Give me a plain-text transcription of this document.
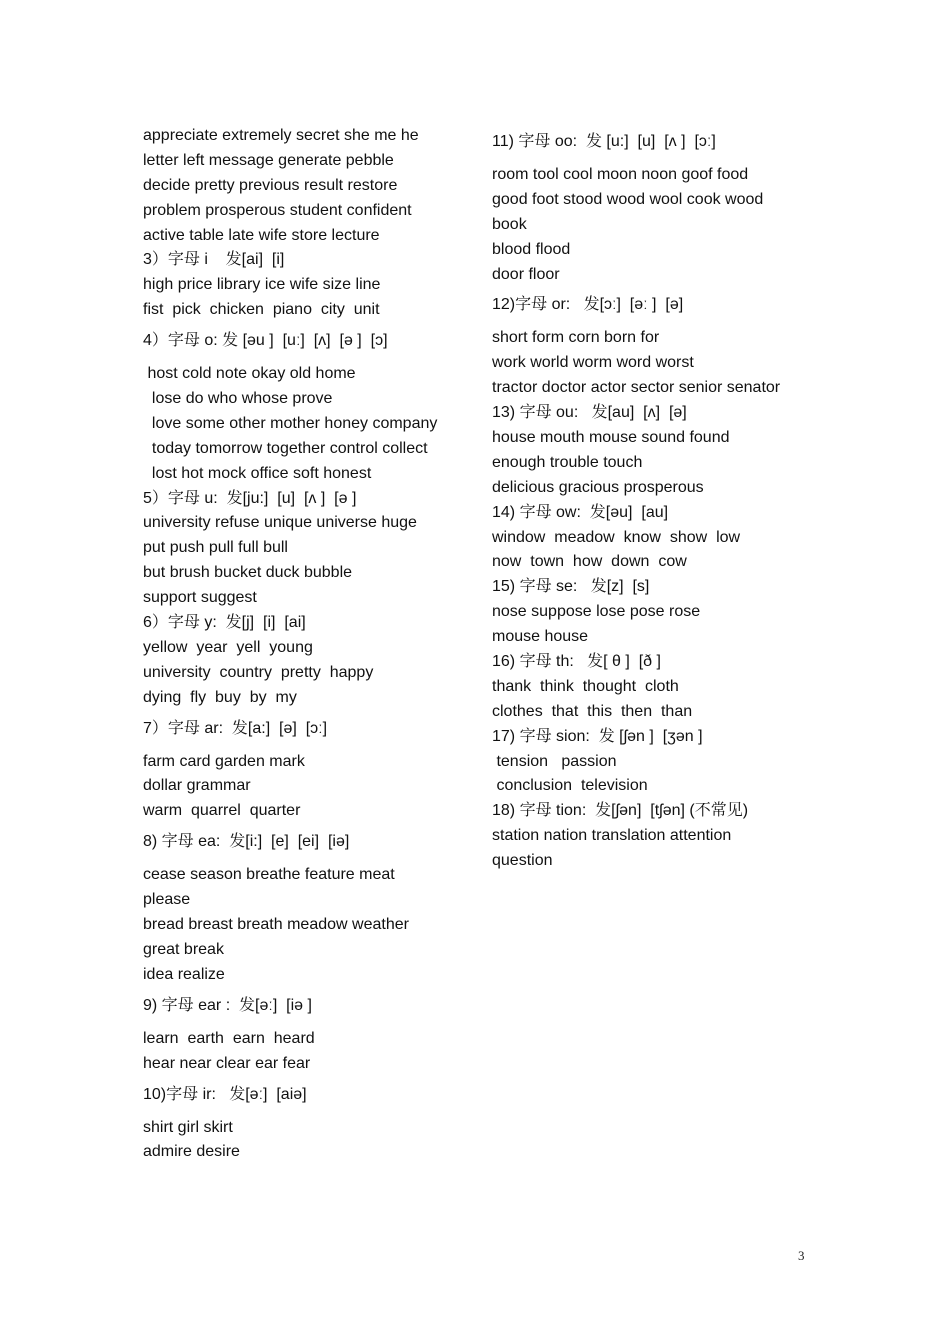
appreciate extremely secret she me he
letter left message generate pebble
decide pretty previous result restore
problem prosperous student confident
active table late wife store lecture
3）字母 i    发[ai]  [i]
high price library ice wife size line
fist  pick  chicken  piano  city  unit
4）字母 o: 发 [əu ]  [uː]  [ʌ]  [ə ]  [ɔ]
host cold note okay old home
lose do who whose prove
love some other mother honey company
today tomorrow together control collect
lost hot mock office soft honest
5）字母 u:  发[ju:]  [u]  [ʌ ]  [ə ]
university refuse unique universe huge
put push pull full bull
but brush bucket duck bubble
support suggest
6）字母 y:  发[j]  [i]  [ai]
yellow  year  yell  young
university  country  pretty  happy
dying  fly  buy  by  my
7）字母 ar:  发[a:]  [ə]  [ɔː]
farm card garden mark
dollar grammar
warm  quarrel  quarter
8) 字母 ea:  发[i:]  [e]  [ei]  [iə]
cease season breathe feature meat
please
bread breast breath meadow weather
great break
idea realize
9) 字母 ear :  发[əː]  [iə ]
learn  earth  earn  heard
hear near clear ear fear
10)字母 ir:   发[əː]  [aiə]
shirt girl skirt
admire desire
11) 字母 oo:  发 [u:]  [u]  [ʌ ]  [ɔː]
room tool cool moon noon goof food
good foot stood wood wool cook wood
book
blood flood
door floor
12)字母 or:   发[ɔː]  [əː ]  [ə]
short form corn born for
work world worm word worst
tractor doctor actor sector senior senator
13) 字母 ou:   发[au]  [ʌ]  [ə]
house mouth mouse sound found
enough trouble touch
delicious gracious prosperous
14) 字母 ow:  发[əu]  [au]
window  meadow  know  show  low
now  town  how  down  cow
15) 字母 se:   发[z]  [s]
nose suppose lose pose rose
mouse house
16) 字母 th:   发[ θ ]  [ð ]
thank  think  thought  cloth
clothes  that  this  then  than
17) 字母 sion:  发 [ʃən ]  [ʒən ]
tension   passion
conclusion  television
18) 字母 tion:  发[ʃən]  [tʃən] (不常见)
station nation translation attention
question
3
